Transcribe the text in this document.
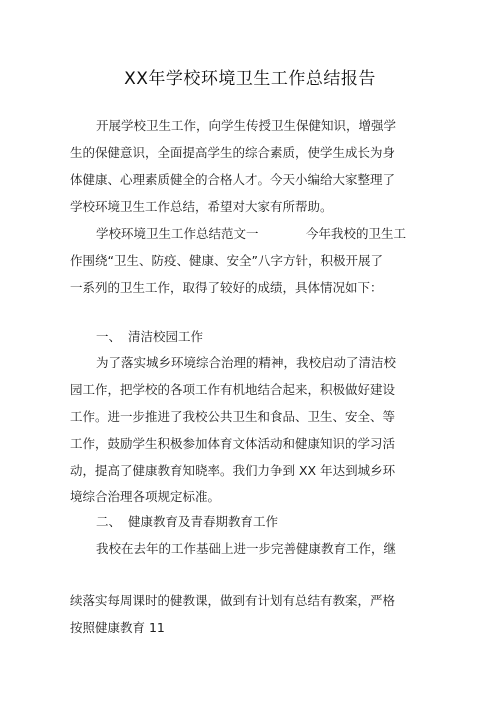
XX年学校环境卫生工作总结报告
开展学校卫生工作，向学生传授卫生保健知识，增强学
生的保健意识，全面提高学生的综合素质，使学生成长为身
体健康、心理素质健全的合格人才。今天小编给大家整理了
学校环境卫生工作总结，希望对大家有所帮助。
学校环境卫生工作总结范文一	今年我校的卫生工
作围绕“卫生、防疫、健康、安全”八字方针，积极开展了
一系列的卫生工作，取得了较好的成绩，具体情况如下：
一、 清洁校园工作
为了落实城乡环境综合治理的精神，我校启动了清洁校
园工作，把学校的各项工作有机地结合起来，积极做好建设
工作。进一步推进了我校公共卫生和食品、卫生、安全、等
工作，鼓励学生积极参加体育文体活动和健康知识的学习活
动，提高了健康教育知晓率。我们力争到 XX 年达到城乡环
境综合治理各项规定标准。
二、 健康教育及青春期教育工作
我校在去年的工作基础上进一步完善健康教育工作，继
续落实每周课时的健教课，做到有计划有总结有教案，严格
按照健康教育 11
